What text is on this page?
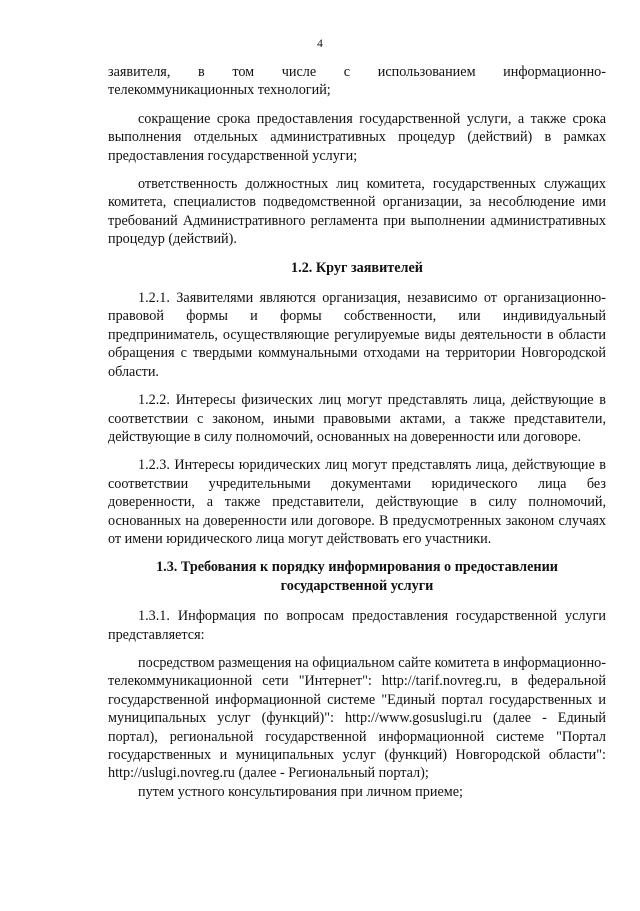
4

заявителя, в том числе с использованием информационно-телекоммуникационных технологий;

сокращение срока предоставления государственной услуги, а также срока выполнения отдельных административных процедур (действий) в рамках предоставления государственной услуги;

ответственность должностных лиц комитета, государственных служащих комитета, специалистов подведомственной организации, за несоблюдение ими требований Административного регламента при выполнении административных процедур (действий).

1.2. Круг заявителей

1.2.1. Заявителями являются организация, независимо от организационно-правовой формы и формы собственности, или индивидуальный предприниматель, осуществляющие регулируемые виды деятельности в области обращения с твердыми коммунальными отходами на территории Новгородской области.

1.2.2. Интересы физических лиц могут представлять лица, действующие в соответствии с законом, иными правовыми актами, а также представители, действующие в силу полномочий, основанных на доверенности или договоре.

1.2.3. Интересы юридических лиц могут представлять лица, действующие в соответствии учредительными документами юридического лица без доверенности, а также представители, действующие в силу полномочий, основанных на доверенности или договоре. В предусмотренных законом случаях от имени юридического лица могут действовать его участники.

1.3. Требования к порядку информирования о предоставлении
государственной услуги

1.3.1. Информация по вопросам предоставления государственной услуги представляется:

посредством размещения на официальном сайте комитета в информационно-телекоммуникационной сети "Интернет": http://tarif.novreg.ru, в федеральной государственной информационной системе "Единый портал государственных и муниципальных услуг (функций)": http://www.gosuslugi.ru (далее - Единый портал), региональной государственной информационной системе "Портал государственных и муниципальных услуг (функций) Новгородской области": http://uslugi.novreg.ru (далее - Региональный портал);

путем устного консультирования при личном приеме;
